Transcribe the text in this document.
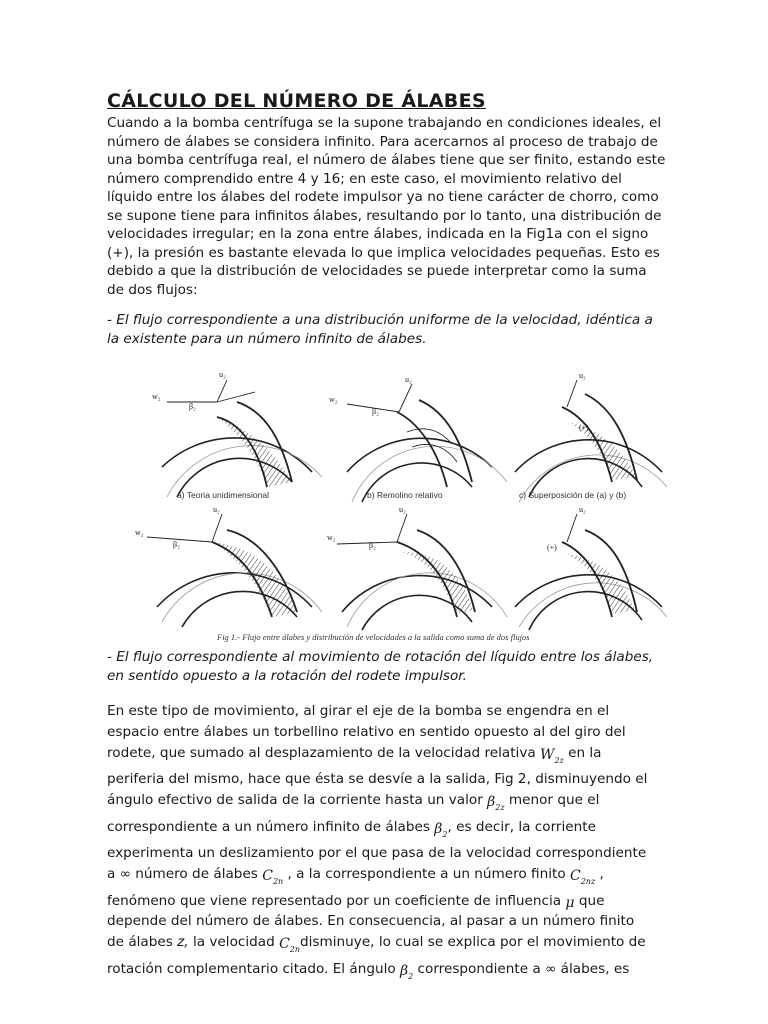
CÁLCULO DEL NÚMERO DE ÁLABES

Cuando a la bomba centrífuga se la supone trabajando en condiciones ideales, el número de álabes se considera infinito. Para acercarnos al proceso de trabajo de una bomba centrífuga real, el número de álabes tiene que ser finito, estando este número comprendido entre 4 y 16; en este caso, el movimiento relativo del líquido entre los álabes del rodete impulsor ya no tiene carácter de chorro, como se supone tiene para infinitos álabes, resultando por lo tanto, una distribución de velocidades irregular; en la zona entre álabes, indicada en la Fig1a con el signo (+), la presión es bastante elevada lo que implica velocidades pequeñas. Esto es debido a que la distribución de velocidades se puede interpretar como la suma de dos flujos:

- El flujo correspondiente a una distribución uniforme de la velocidad, idéntica a la existente para un número infinito de álabes.

w₂
u₂
β₂
w₂
u₂
β₂
u₂
(+)
w₂
u₂
β₂
w₂
u₂
β₂
u₂
(+)
a) Teoria unidimensional	b) Remolino relativo	c) Superposición de (a) y (b)
Fig 1.- Flujo entre álabes y distribución de velocidades a la salida como suma de dos flujos

- El flujo correspondiente al movimiento de rotación del líquido entre los álabes, en sentido opuesto a la rotación del rodete impulsor.

En este tipo de movimiento, al girar el eje de la bomba se engendra en el
espacio entre álabes un torbellino relativo en sentido opuesto al del giro del
rodete, que sumado al desplazamiento de la velocidad relativa $W_{2z}$ en la
periferia del mismo, hace que ésta se desvíe a la salida, Fig 2, disminuyendo el
ángulo efectivo de salida de la corriente hasta un valor $\beta_{2z}$ menor que el
correspondiente a un número infinito de álabes $\beta_2$, es decir, la corriente
experimenta un deslizamiento por el que pasa de la velocidad correspondiente
a ∞ número de álabes $C_{2n}$ , a la correspondiente a un número finito $C_{2nz}$ ,
fenómeno que viene representado por un coeficiente de influencia μ que
depende del número de álabes. En consecuencia, al pasar a un número finito
de álabes z, la velocidad $C_{2n}disminuye$, lo cual se explica por el movimiento de
rotación complementario citado. El ángulo $\beta_2$ correspondiente a ∞ álabes, es
